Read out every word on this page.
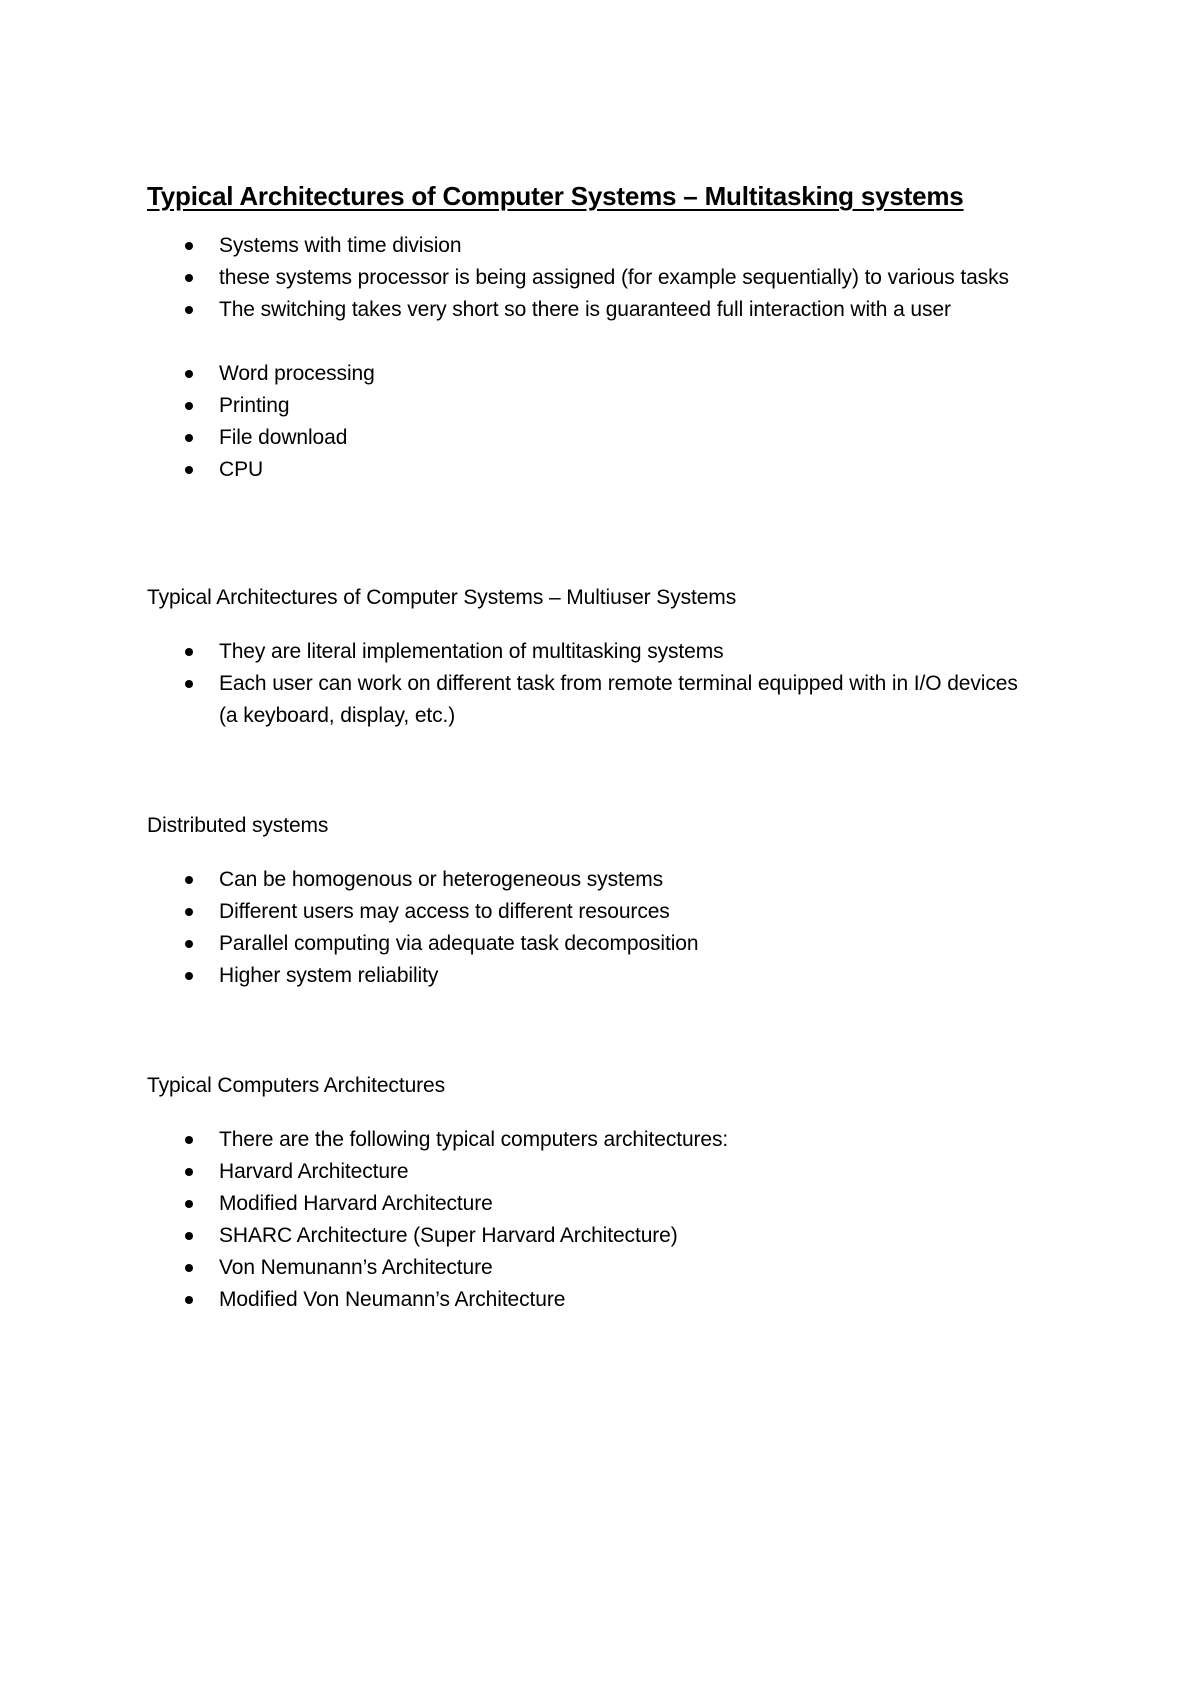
Typical Architectures of Computer Systems – Multitasking systems
Systems with time division
these systems processor is being assigned (for example sequentially) to various tasks
The switching takes very short so there is guaranteed full interaction with a user
Word processing
Printing
File download
CPU

Typical Architectures of Computer Systems – Multiuser Systems

They are literal implementation of multitasking systems
Each user can work on different task from remote terminal equipped with in I/O devices (a keyboard, display, etc.)

Distributed systems

Can be homogenous or heterogeneous systems
Different users may access to different resources
Parallel computing via adequate task decomposition
Higher system reliability

Typical Computers Architectures

There are the following typical computers architectures:
Harvard Architecture
Modified Harvard Architecture
SHARC Architecture (Super Harvard Architecture)
Von Nemunann’s Architecture
Modified Von Neumann’s Architecture
